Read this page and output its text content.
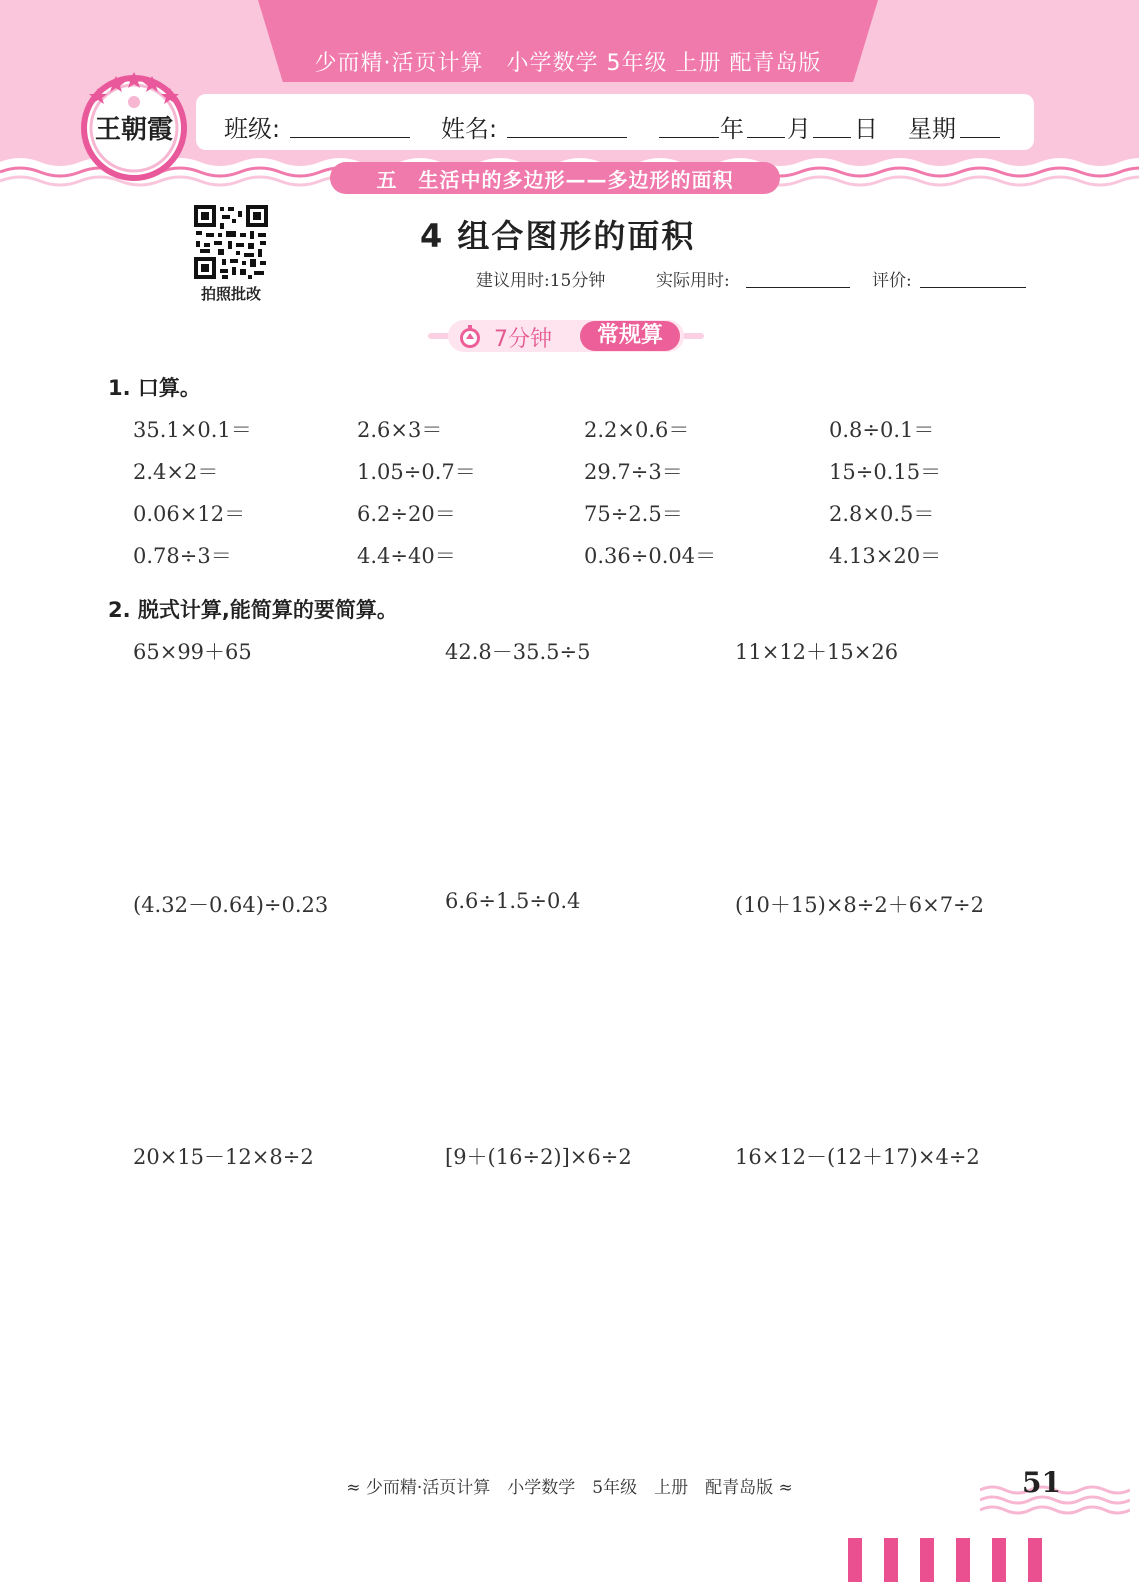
少而精·活页计算　小学数学 5年级 上册 配青岛版
班级:	姓名:	年 月 日 星期
五　生活中的多边形——多边形的面积
王朝霞
拍照批改
4 组合图形的面积
建议用时:15分钟	实际用时:	评价:
7分钟	常规算
1. 口算。
35.1×0.1＝	2.6×3＝	2.2×0.6＝	0.8÷0.1＝
2.4×2＝	1.05÷0.7＝	29.7÷3＝	15÷0.15＝
0.06×12＝	6.2÷20＝	75÷2.5＝	2.8×0.5＝
0.78÷3＝	4.4÷40＝	0.36÷0.04＝	4.13×20＝
2. 脱式计算,能简算的要简算。
65×99＋65	42.8－35.5÷5	11×12＋15×26
(4.32－0.64)÷0.23	6.6÷1.5÷0.4	(10＋15)×8÷2＋6×7÷2
20×15－12×8÷2	[9＋(16÷2)]×6÷2	16×12－(12＋17)×4÷2
≈ 少而精·活页计算　小学数学　5年级　上册　配青岛版 ≈	51
